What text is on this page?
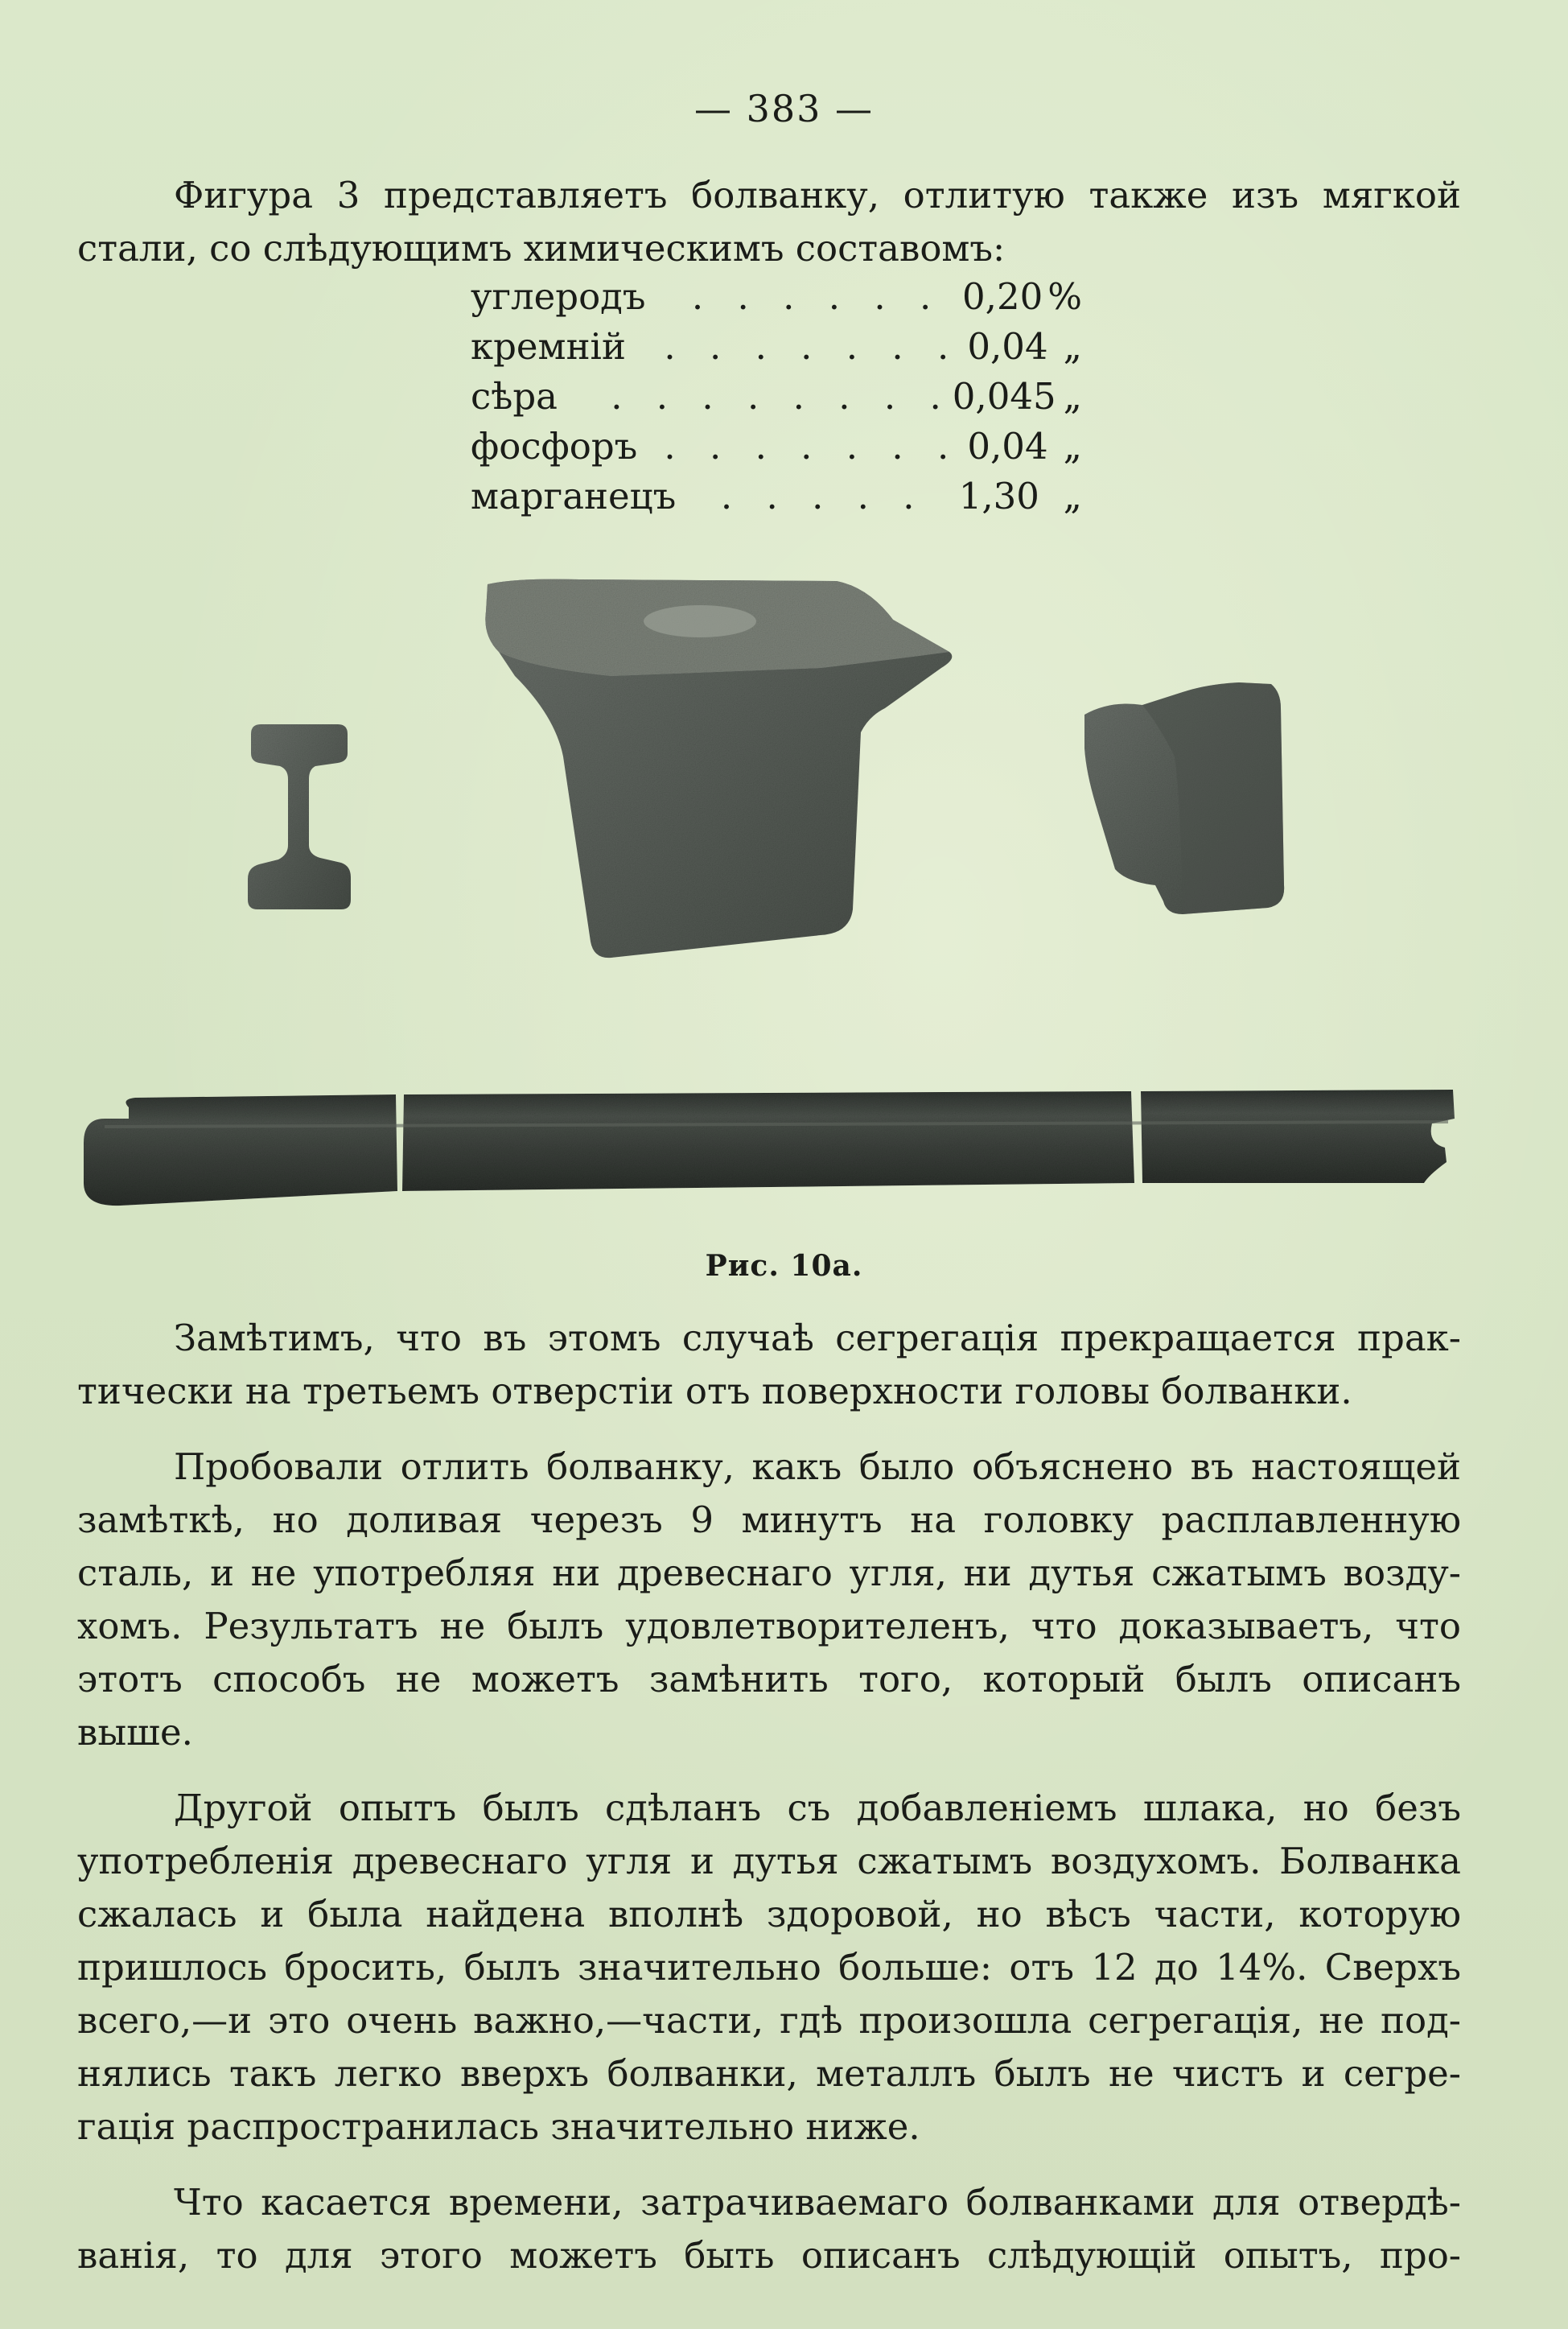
— 383 —
Фигура 3 представляетъ болванку, отлитую также изъ мягкой
стали, со слѣдующимъ химическимъ составомъ:
углеродъ	. . . . . . 0,20 %
кремній	. . . . . . . 0,04 „
сѣра	. . . . . . . . 0,045 „
фосфоръ . . . . . . . 0,04 „
марганецъ	. . . . . 1,30 „
Рис. 10а.
Замѣтимъ, что въ этомъ случаѣ сегрегація прекращается прак-
тически на третьемъ отверстіи отъ поверхности головы болванки.
Пробовали отлить болванку, какъ было объяснено въ настоящей
замѣткѣ, но доливая черезъ 9 минутъ на головку расплавленную
сталь, и не употребляя ни древеснаго угля, ни дутья сжатымъ возду-
хомъ. Результатъ не былъ удовлетворителенъ, что доказываетъ, что
этотъ способъ не можетъ замѣнить того, который былъ описанъ
выше.
Другой опытъ былъ сдѣланъ съ добавленіемъ шлака, но безъ
употребленія древеснаго угля и дутья сжатымъ воздухомъ. Болванка
сжалась и была найдена вполнѣ здоровой, но вѣсъ части, которую
пришлось бросить, былъ значительно больше: отъ 12 до 14%. Сверхъ
всего,—и это очень важно,—части, гдѣ произошла сегрегація, не под-
нялись такъ легко вверхъ болванки, металлъ былъ не чистъ и сегре-
гація распространилась значительно ниже.
Что касается времени, затрачиваемаго болванками для отвердѣ-
ванія, то для этого можетъ быть описанъ слѣдующій опытъ, про-
